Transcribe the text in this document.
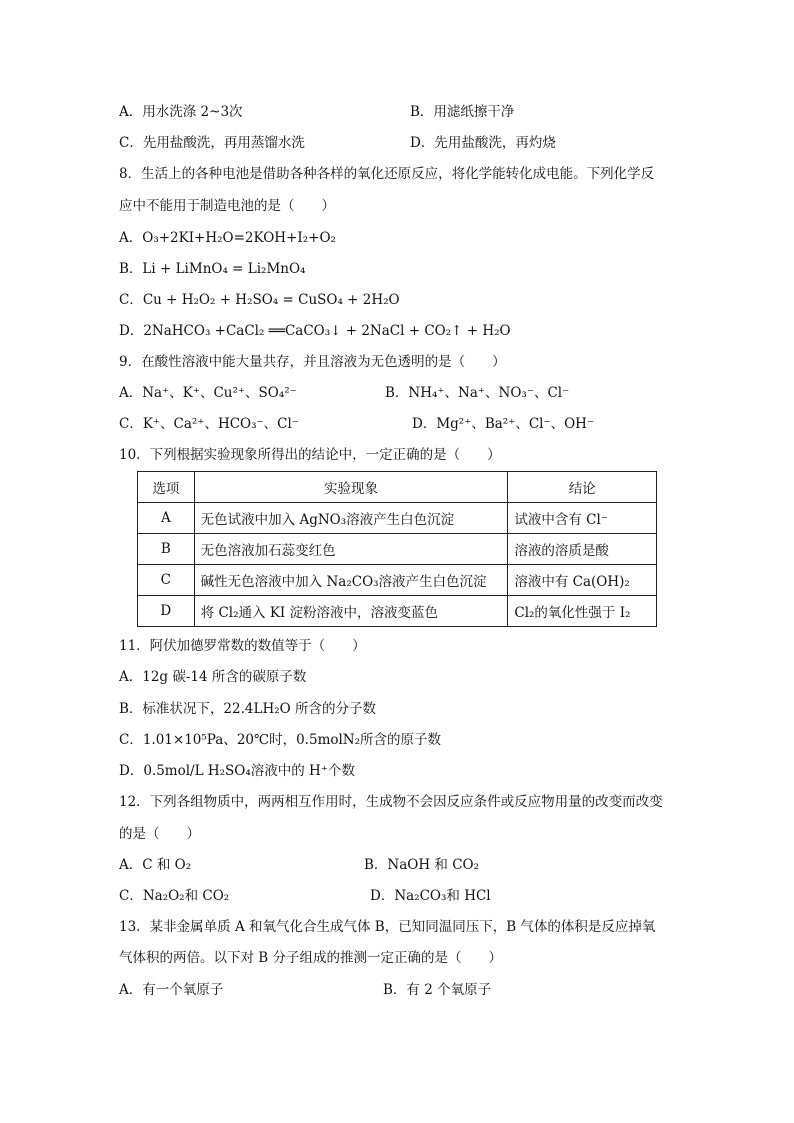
A．用水洗涤 2~3次	B．用滤纸擦干净
C．先用盐酸洗，再用蒸馏水洗	D．先用盐酸洗，再灼烧
8．生活上的各种电池是借助各种各样的氧化还原反应，将化学能转化成电能。下列化学反
应中不能用于制造电池的是（　　）
A．O₃+2KI+H₂O=2KOH+I₂+O₂
B．Li + LiMnO₄ = Li₂MnO₄
C．Cu + H₂O₂ + H₂SO₄ = CuSO₄ + 2H₂O
D．2NaHCO₃ +CaCl₂ ══CaCO₃↓ + 2NaCl + CO₂↑ + H₂O
9．在酸性溶液中能大量共存，并且溶液为无色透明的是（　　）
A．Na⁺、K⁺、Cu²⁺、SO₄²⁻	B．NH₄⁺、Na⁺、NO₃⁻、Cl⁻
C．K⁺、Ca²⁺、HCO₃⁻、Cl⁻	D．Mg²⁺、Ba²⁺、Cl⁻、OH⁻
10．下列根据实验现象所得出的结论中，一定正确的是（　　）
选项	实验现象	结论
A	无色试液中加入 AgNO₃溶液产生白色沉淀	试液中含有 Cl⁻
B	无色溶液加石蕊变红色	溶液的溶质是酸
C	碱性无色溶液中加入 Na₂CO₃溶液产生白色沉淀	溶液中有 Ca(OH)₂
D	将 Cl₂通入 KI 淀粉溶液中，溶液变蓝色	Cl₂的氧化性强于 I₂
11．阿伏加德罗常数的数值等于（　　）
A．12g 碳-14 所含的碳原子数
B．标准状况下，22.4LH₂O 所含的分子数
C．1.01×10⁵Pa、20℃时，0.5molN₂所含的原子数
D．0.5mol/L H₂SO₄溶液中的 H⁺个数
12．下列各组物质中，两两相互作用时，生成物不会因反应条件或反应物用量的改变而改变
的是（　　）
A．C 和 O₂	B．NaOH 和 CO₂
C．Na₂O₂和 CO₂	D．Na₂CO₃和 HCl
13．某非金属单质 A 和氧气化合生成气体 B，已知同温同压下，B 气体的体积是反应掉氧
气体积的两倍。以下对 B 分子组成的推测一定正确的是（　　）
A．有一个氧原子	B．有 2 个氧原子
